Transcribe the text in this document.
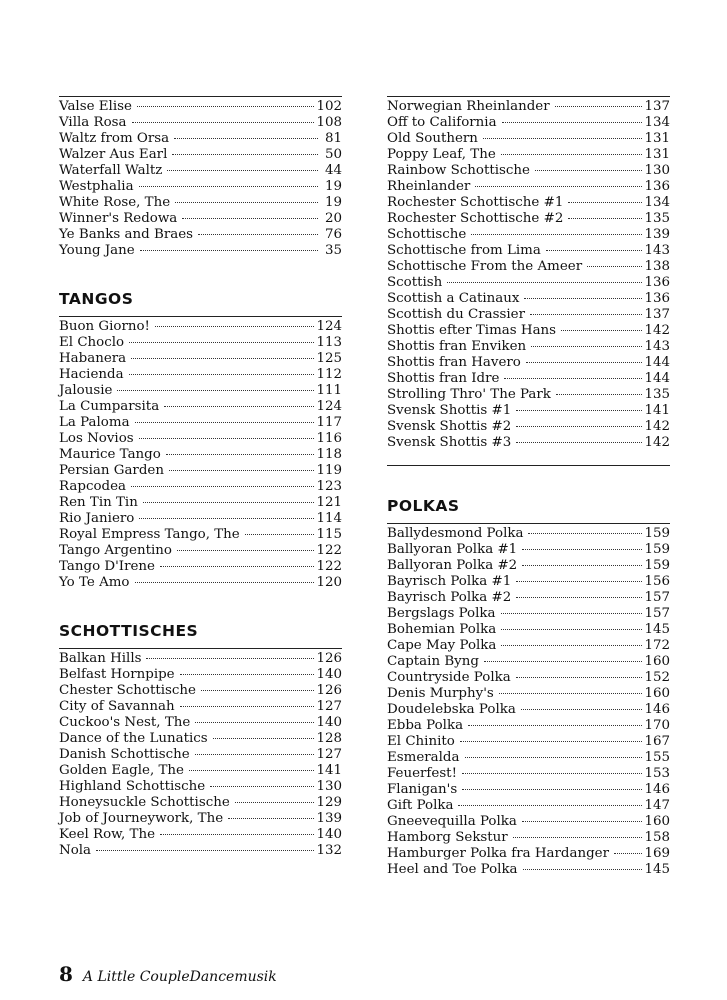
Valse Elise	102
Villa Rosa	108
Waltz from Orsa	81
Walzer Aus Earl	50
Waterfall Waltz	44
Westphalia	19
White Rose, The	19
Winner's Redowa	20
Ye Banks and Braes	76
Young Jane	35
TANGOS
Buon Giorno!	124
El Choclo	113
Habanera	125
Hacienda	112
Jalousie	111
La Cumparsita	124
La Paloma	117
Los Novios	116
Maurice Tango	118
Persian Garden	119
Rapcodea	123
Ren Tin Tin	121
Rio Janiero	114
Royal Empress Tango, The	115
Tango Argentino	122
Tango D'Irene	122
Yo Te Amo	120
SCHOTTISCHES
Balkan Hills	126
Belfast Hornpipe	140
Chester Schottische	126
City of Savannah	127
Cuckoo's Nest, The	140
Dance of the Lunatics	128
Danish Schottische	127
Golden Eagle, The	141
Highland Schottische	130
Honeysuckle Schottische	129
Job of Journeywork, The	139
Keel Row, The	140
Nola	132
Norwegian Rheinlander	137
Off to California	134
Old Southern	131
Poppy Leaf, The	131
Rainbow Schottische	130
Rheinlander	136
Rochester Schottische #1	134
Rochester Schottische #2	135
Schottische	139
Schottische from Lima	143
Schottische From the Ameer	138
Scottish	136
Scottish a Catinaux	136
Scottish du Crassier	137
Shottis efter Timas Hans	142
Shottis fran Enviken	143
Shottis fran Havero	144
Shottis fran Idre	144
Strolling Thro' The Park	135
Svensk Shottis #1	141
Svensk Shottis #2	142
Svensk Shottis #3	142
POLKAS
Ballydesmond Polka	159
Ballyoran Polka #1	159
Ballyoran Polka #2	159
Bayrisch Polka #1	156
Bayrisch Polka #2	157
Bergslags Polka	157
Bohemian Polka	145
Cape May Polka	172
Captain Byng	160
Countryside Polka	152
Denis Murphy's	160
Doudelebska Polka	146
Ebba Polka	170
El Chinito	167
Esmeralda	155
Feuerfest!	153
Flanigan's	146
Gift Polka	147
Gneevequilla Polka	160
Hamborg Sekstur	158
Hamburger Polka fra Hardanger	169
Heel and Toe Polka	145
8 A Little CoupleDancemusik
